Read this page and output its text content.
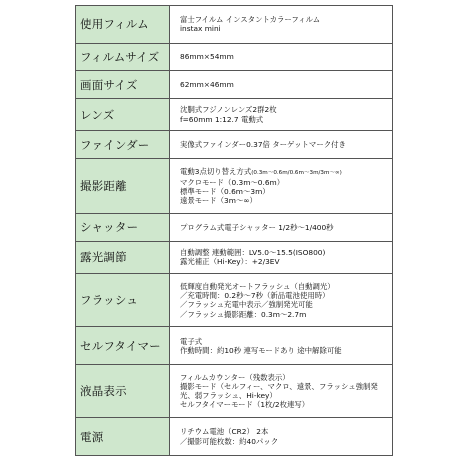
使用フィルム	富士フイルム インスタントカラーフィルム
instax mini

フィルムサイズ	86mm×54mm

画面サイズ	62mm×46mm

レンズ	沈胴式フジノンレンズ2群2枚
f=60mm 1:12.7 電動式

ファインダー	実像式ファインダー0.37倍 ターゲットマーク付き

撮影距離	電動3点切り替え方式(0.3m〜0.6m/0.6m〜3m/3m〜∞)
マクロモード（0.3m〜0.6m）
標準モード（0.6m〜3m）
遠景モード（3m〜∞）

シャッター	プログラム式電子シャッター 1/2秒〜1/400秒

露光調節	自動調整 連動範囲：LV5.0〜15.5(ISO800)
露光補正（Hi-Key）：+2/3EV

フラッシュ	低輝度自動発光オートフラッシュ（自動調光）
／充電時間：0.2秒〜7秒（新品電池使用時）
／フラッシュ充電中表示／強制発光可能
／フラッシュ撮影距離：0.3m〜2.7m

セルフタイマー	電子式
作動時間：約10秒 連写モードあり 途中解除可能

液晶表示	フィルムカウンター（残数表示）
撮影モード（セルフィー、マクロ、遠景、フラッシュ強制発光、弱フラッシュ、Hi-key）
セルフタイマーモード（1枚/2枚連写）

電源	リチウム電池（CR2） 2本
／撮影可能枚数：約40パック
